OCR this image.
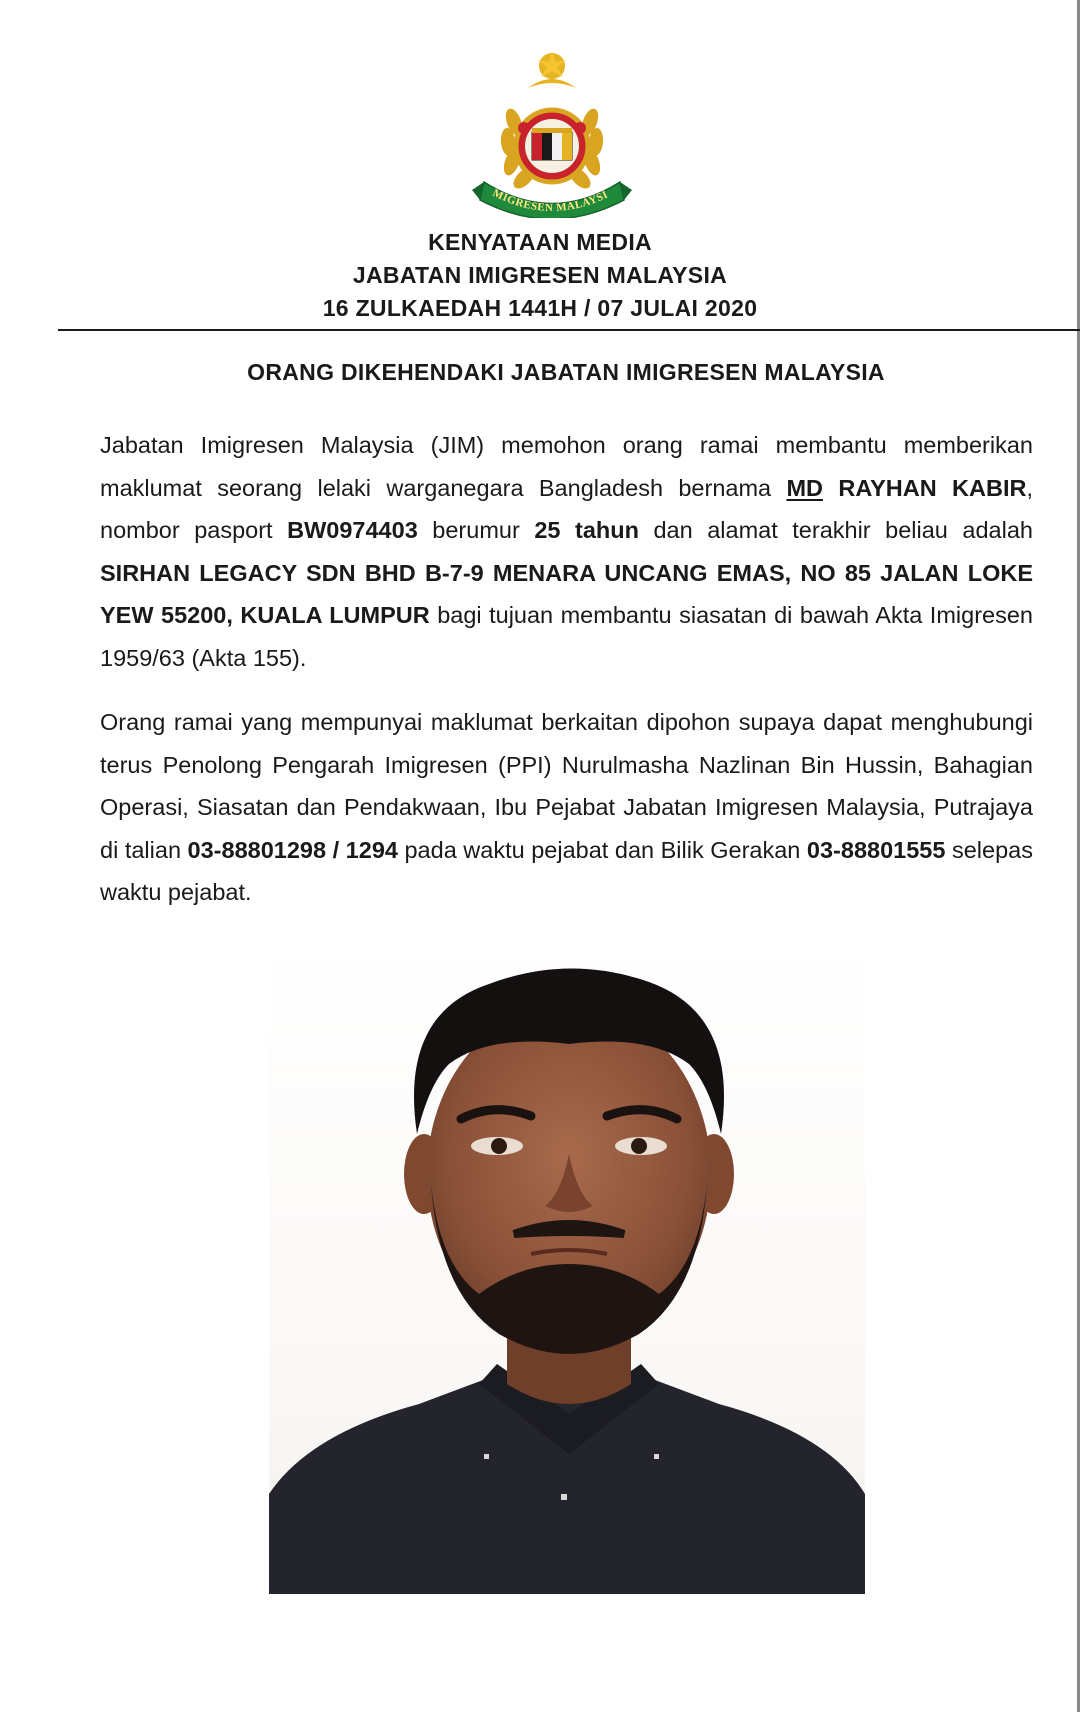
MIGRESEN MALAYSI
KENYATAAN MEDIA
JABATAN IMIGRESEN MALAYSIA
16 ZULKAEDAH 1441H / 07 JULAI 2020
ORANG DIKEHENDAKI JABATAN IMIGRESEN MALAYSIA

Jabatan Imigresen Malaysia (JIM) memohon orang ramai membantu memberikan maklumat seorang lelaki warganegara Bangladesh bernama MD RAYHAN KABIR, nombor pasport BW0974403 berumur 25 tahun dan alamat terakhir beliau adalah SIRHAN LEGACY SDN BHD B-7-9 MENARA UNCANG EMAS, NO 85 JALAN LOKE YEW 55200, KUALA LUMPUR bagi tujuan membantu siasatan di bawah Akta Imigresen 1959/63 (Akta 155).

Orang ramai yang mempunyai maklumat berkaitan dipohon supaya dapat menghubungi terus Penolong Pengarah Imigresen (PPI) Nurulmasha Nazlinan Bin Hussin, Bahagian Operasi, Siasatan dan Pendakwaan, Ibu Pejabat Jabatan Imigresen Malaysia, Putrajaya di talian 03-88801298 / 1294 pada waktu pejabat dan Bilik Gerakan 03-88801555 selepas waktu pejabat.
